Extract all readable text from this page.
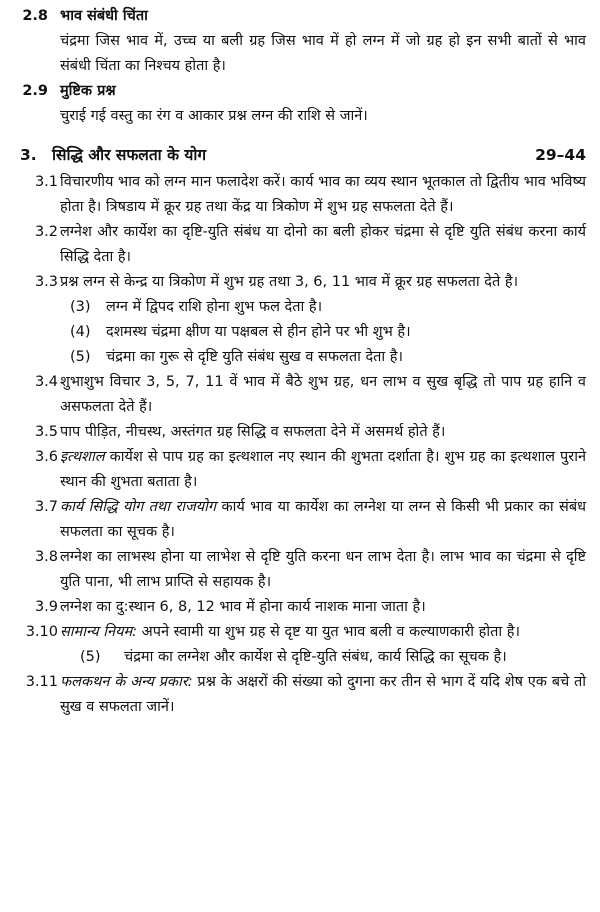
2.8 भाव संबंधी चिंता
चंद्रमा जिस भाव में, उच्च या बली ग्रह जिस भाव में हो लग्न में जो ग्रह हो इन सभी बातों से भाव संबंधी चिंता का निश्चय होता है।
2.9 मुष्टिक प्रश्न
चुराई गई वस्तु का रंग व आकार प्रश्न लग्न की राशि से जानें।
3. सिद्धि और सफलता के योग	29–44
3.1 विचारणीय भाव को लग्न मान फलादेश करें। कार्य भाव का व्यय स्थान भूतकाल तो द्वितीय भाव भविष्य होता है। त्रिषडाय में क्रूर ग्रह तथा केंद्र या त्रिकोण में शुभ ग्रह सफलता देते हैं।
3.2 लग्नेश और कार्येश का दृष्टि-युति संबंध या दोनो का बली होकर चंद्रमा से दृष्टि युति संबंध करना कार्य सिद्धि देता है।
3.3 प्रश्न लग्न से केन्द्र या त्रिकोण में शुभ ग्रह तथा 3, 6, 11 भाव में क्रूर ग्रह सफलता देते है।
(3)	लग्न में द्विपद राशि होना शुभ फल देता है।
(4)	दशमस्थ चंद्रमा क्षीण या पक्षबल से हीन होने पर भी शुभ है।
(5)	चंद्रमा का गुरू से दृष्टि युति संबंध सुख व सफलता देता है।
3.4 शुभाशुभ विचार 3, 5, 7, 11 वें भाव में बैठे शुभ ग्रह, धन लाभ व सुख बृद्धि तो पाप ग्रह हानि व असफलता देते हैं।
3.5 पाप पीड़ित, नीचस्थ, अस्तंगत ग्रह सिद्धि व सफलता देने में असमर्थ होते हैं।
3.6 इत्थशाल कार्येश से पाप ग्रह का इत्थशाल नए स्थान की शुभता दर्शाता है। शुभ ग्रह का इत्थशाल पुराने स्थान की शुभता बताता है।
3.7 कार्य सिद्धि योग तथा राजयोग कार्य भाव या कार्येश का लग्नेश या लग्न से किसी भी प्रकार का संबंध सफलता का सूचक है।
3.8 लग्नेश का लाभस्थ होना या लाभेश से दृष्टि युति करना धन लाभ देता है। लाभ भाव का चंद्रमा से दृष्टि युति पाना, भी लाभ प्राप्ति से सहायक है।
3.9 लग्नेश का दु:स्थान 6, 8, 12 भाव में होना कार्य नाशक माना जाता है।
3.10 सामान्य नियम: अपने स्वामी या शुभ ग्रह से दृष्ट या युत भाव बली व कल्याणकारी होता है।
(5)	चंद्रमा का लग्नेश और कार्येश से दृष्टि-युति संबंध, कार्य सिद्धि का सूचक है।
3.11 फलकथन के अन्य प्रकार: प्रश्न के अक्षरों की संख्या को दुगना कर तीन से भाग दें यदि शेष एक बचे तो सुख व सफलता जानें।
